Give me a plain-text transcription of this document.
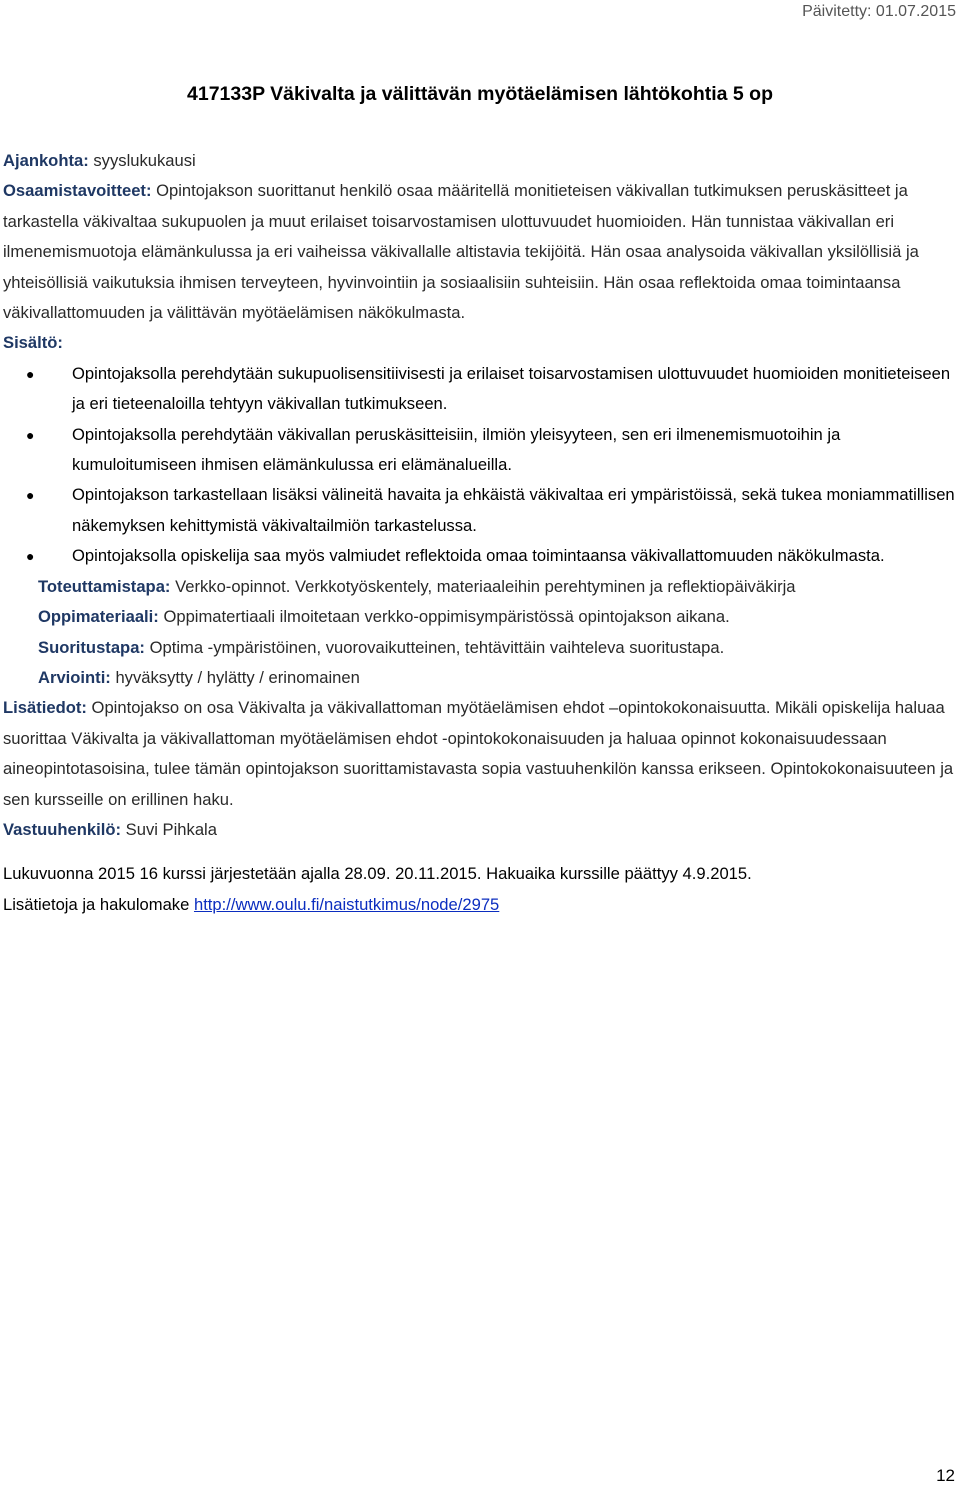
Päivitetty: 01.07.2015
417133P Väkivalta ja välittävän myötäelämisen lähtökohtia 5 op

Ajankohta: syyslukukausi

Osaamistavoitteet: Opintojakson suorittanut henkilö osaa määritellä monitieteisen väkivallan tutkimuksen peruskäsitteet ja tarkastella väkivaltaa sukupuolen ja muut erilaiset toisarvostamisen ulottuvuudet huomioiden. Hän tunnistaa väkivallan eri ilmenemismuotoja elämänkulussa ja eri vaiheissa väkivallalle altistavia tekijöitä. Hän osaa analysoida väkivallan yksilöllisiä ja yhteisöllisiä vaikutuksia ihmisen terveyteen, hyvinvointiin ja sosiaalisiin suhteisiin. Hän osaa reflektoida omaa toimintaansa väkivallattomuuden ja välittävän myötäelämisen näkökulmasta.

Sisältö:

● Opintojaksolla perehdytään sukupuolisensitiivisesti ja erilaiset toisarvostamisen ulottuvuudet huomioiden monitieteiseen ja eri tieteenaloilla tehtyyn väkivallan tutkimukseen.
● Opintojaksolla perehdytään väkivallan peruskäsitteisiin, ilmiön yleisyyteen, sen eri ilmenemismuotoihin ja kumuloitumiseen ihmisen elämänkulussa eri elämänalueilla.
● Opintojakson tarkastellaan lisäksi välineitä havaita ja ehkäistä väkivaltaa eri ympäristöissä, sekä tukea moniammatillisen näkemyksen kehittymistä väkivaltailmiön tarkastelussa.
● Opintojaksolla opiskelija saa myös valmiudet reflektoida omaa toimintaansa väkivallattomuuden näkökulmasta.

Toteuttamistapa: Verkko-opinnot. Verkkotyöskentely, materiaaleihin perehtyminen ja reflektiopäiväkirja

Oppimateriaali: Oppimatertiaali ilmoitetaan verkko-oppimisympäristössä opintojakson aikana.

Suoritustapa: Optima -ympäristöinen, vuorovaikutteinen, tehtävittäin vaihteleva suoritustapa.

Arviointi: hyväksytty / hylätty / erinomainen

Lisätiedot: Opintojakso on osa Väkivalta ja väkivallattoman myötäelämisen ehdot –opintokokonaisuutta. Mikäli opiskelija haluaa suorittaa Väkivalta ja väkivallattoman myötäelämisen ehdot -opintokokonaisuuden ja haluaa opinnot kokonaisuudessaan aineopintotasoisina, tulee tämän opintojakson suorittamistavasta sopia vastuuhenkilön kanssa erikseen. Opintokokonaisuuteen ja sen kursseille on erillinen haku.

Vastuuhenkilö: Suvi Pihkala

Lukuvuonna 2015 16 kurssi järjestetään ajalla 28.09. 20.11.2015. Hakuaika kurssille päättyy 4.9.2015.

Lisätietoja ja hakulomake http://www.oulu.fi/naistutkimus/node/2975

12
